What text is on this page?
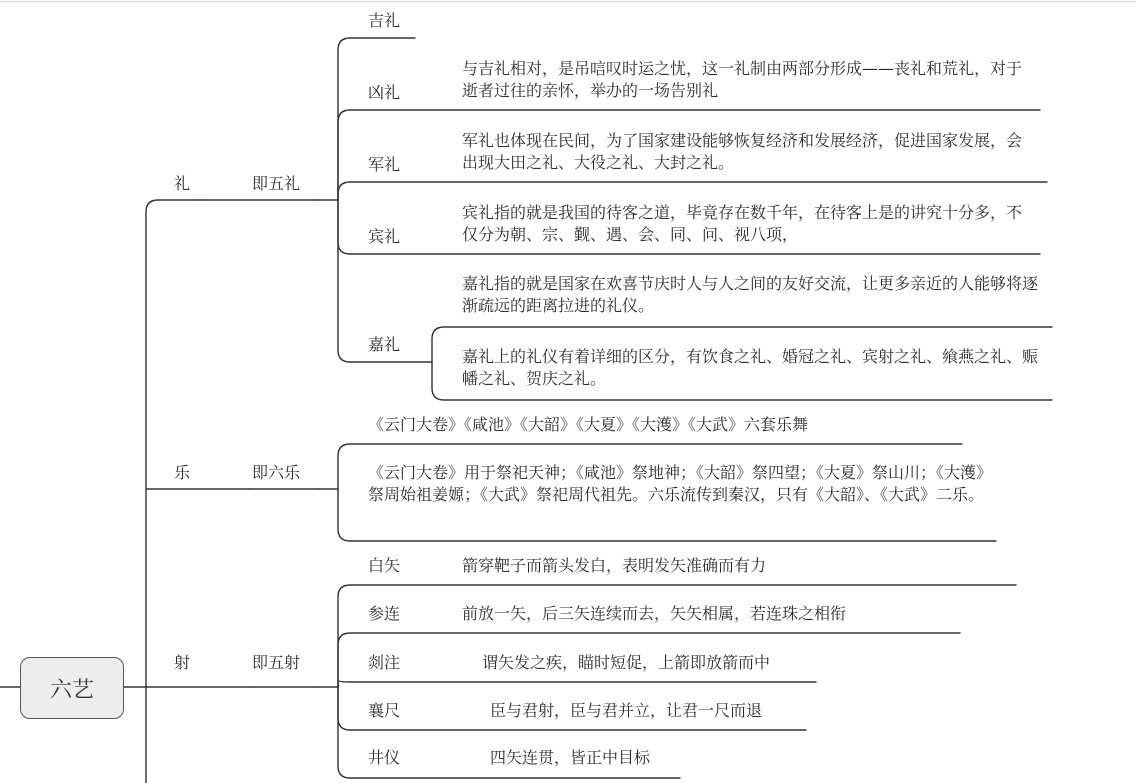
六艺
礼	即五礼
吉礼
凶礼
与吉礼相对，是吊唁叹时运之忧，这一礼制由两部分形成——丧礼和荒礼，对于逝者过往的亲怀，举办的一场告别礼
军礼
军礼也体现在民间，为了国家建设能够恢复经济和发展经济，促进国家发展，会出现大田之礼、大役之礼、大封之礼。
宾礼
宾礼指的就是我国的待客之道，毕竟存在数千年，在待客上是的讲究十分多，不仅分为朝、宗、觐、遇、会、同、问、视八项，
嘉礼
嘉礼指的就是国家在欢喜节庆时人与人之间的友好交流，让更多亲近的人能够将逐渐疏远的距离拉进的礼仪。
嘉礼上的礼仪有着详细的区分，有饮食之礼、婚冠之礼、宾射之礼、飨燕之礼、赈幡之礼、贺庆之礼。
乐	即六乐
《云门大卷》《咸池》《大韶》《大夏》《大濩》《大武》六套乐舞
《云门大卷》用于祭祀天神；《咸池》祭地神；《大韶》祭四望；《大夏》祭山川；《大濩》祭周始祖姜嫄；《大武》祭祀周代祖先。六乐流传到秦汉，只有《大韶》、《大武》二乐。
射	即五射
白矢	箭穿靶子而箭头发白，表明发矢准确而有力
参连	前放一矢，后三矢连续而去，矢矢相属，若连珠之相衔
剡注	谓矢发之疾，瞄时短促，上箭即放箭而中
襄尺	臣与君射，臣与君并立，让君一尺而退
井仪	四矢连贯，皆正中目标
